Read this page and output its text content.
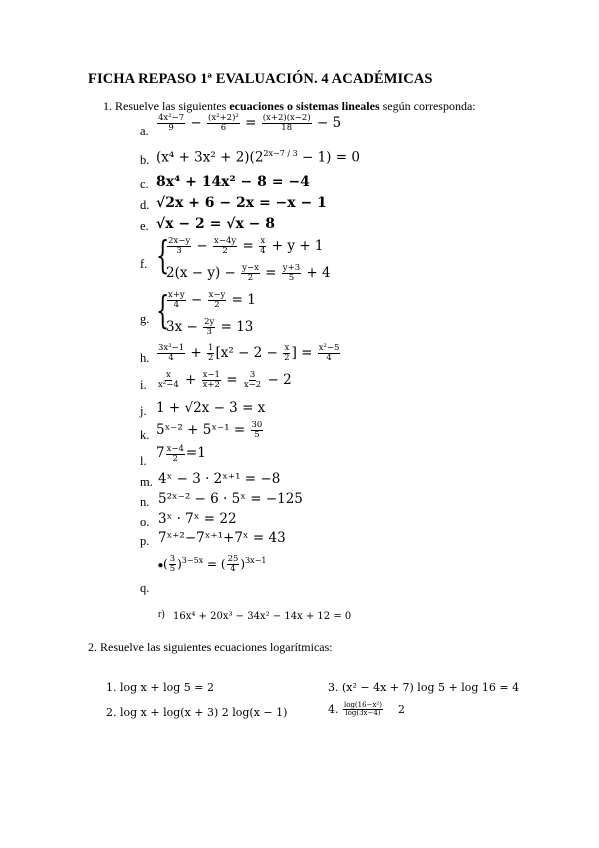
FICHA REPASO 1ª EVALUACIÓN. 4 ACADÉMICAS
1. Resuelve las siguientes ecuaciones o sistemas lineales según corresponda:
a. $\frac{\text{4x²−7}}{9} - \frac{\text{(x²+2)²}}{6} = \frac{(x+2)(x-2)}{18} - 5$
b. $(x^4 + 3x^2 + 2)(2^{2x-7 / 3} - 1) = 0$
c. 8x⁴ + 14x² − 8 = −4
d. √2x + 6 − 2x = −x − 1
e. √x − 2 = √x − 8
f. {
$\frac{2x-y}{3} - \frac{x-4y}{2} = \frac{x}{4} + y + 1$
$2(x - y) - \frac{y-x}{2} = \frac{y+3}{5} + 4$
g. {
$\frac{x+y}{4} - \frac{x-y}{2} = 1$
$3x - \frac{2y}{3} = 13$
h. $\frac{\text{3x²−1}}{4} + \frac{1}{2} [x^2 - 2 - \frac{x}{2}$ ] = $\frac{\text{x²−5}}{4}$
i. $\frac{x}{\text{x²−4}} + \frac{x-1}{x+2} = \frac{3}{x-2} - 2$
j. 1 + √2x − 3 = x
k. 5ˣ⁻² + 5ˣ⁻¹ = $\frac{30}{5}$
l. $7 \frac{x-4}{2} =1$
m. 4ˣ − 3 · 2ˣ⁺¹ = −8
n. 5²ˣ⁻² − 6 · 5ˣ = −125
o. 3ˣ · 7ˣ = 22
p. 7ˣ⁺²−7ˣ⁺¹+7ˣ = 43
q.
⦁( $\frac{3}{5} )^{3-5x}$ = ( $\frac{25}{4} )^{3x-1}$
r) 16x⁴ + 20x³ − 34x² − 14x + 12 = 0
2. Resuelve las siguientes ecuaciones logarítmicas:
1. log x + log 5 = 2	3. (x² − 4x + 7) log 5 + log 16 = 4
2. log x + log(x + 3) 2 log(x − 1)	4. $\frac{\text{log(16−x²)}}{\log(3x-4)} 2$
